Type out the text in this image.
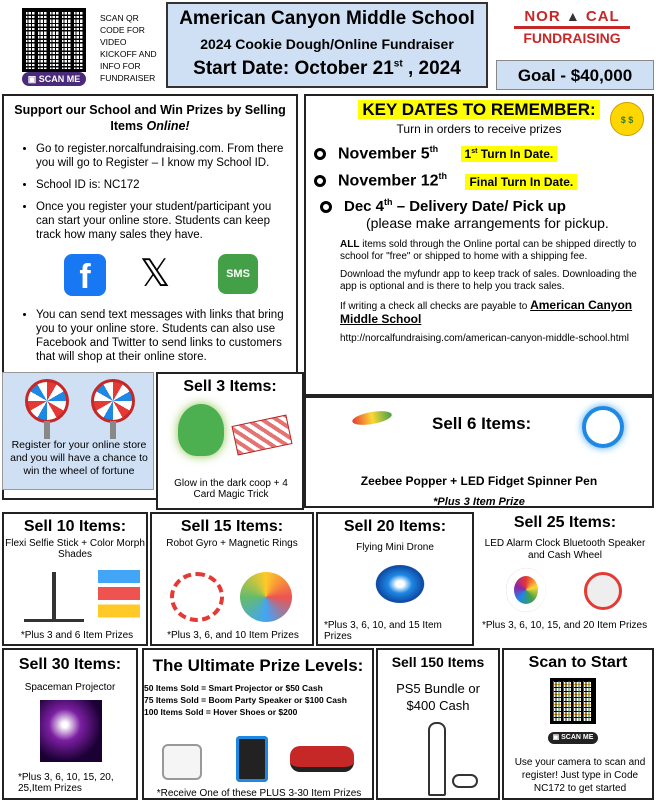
▣ SCAN ME
SCAN QR CODE FOR VIDEO KICKOFF AND INFO FOR FUNDRAISER
American Canyon Middle School
2024 Cookie Dough/Online Fundraiser
Start Date: October 21st , 2024
NOR ▲ CAL
FUNDRAISING
Goal - $40,000
Support our School and Win Prizes by Selling Items Online!
• Go to register.norcalfundraising.com. From there you will go to Register – I know my School ID.
• School ID is: NC172
• Once you register your student/participant you can start your online store. Students can keep track how many sales they have.
f	𝕏	SMS
• You can send text messages with links that bring you to your online store. Students can also use Facebook and Twitter to send links to customers that will shop at their online store.
KEY DATES TO REMEMBER:
$ $
Turn in orders to receive prizes
November 5th 1st Turn In Date.
November 12th Final Turn In Date.
Dec 4th – Delivery Date/ Pick up
(please make arrangements for pickup.

ALL items sold through the Online portal can be shipped directly to school for "free" or shipped to home with a shipping fee.

Download the myfundr app to keep track of sales. Downloading the app is optional and is there to help you track sales.

If writing a check all checks are payable to American Canyon Middle School

http://norcalfundraising.com/american-canyon-middle-school.html

Register for your online store and you will have a chance to win the wheel of fortune
Sell 3 Items:
Glow in the dark coop + 4 Card Magic Trick
Sell 6 Items:
Zeebee Popper + LED Fidget Spinner Pen
*Plus 3 Item Prize
Sell 10 Items:
Flexi Selfie Stick + Color Morph Shades
*Plus 3 and 6 Item Prizes
Sell 15 Items:
Robot Gyro + Magnetic Rings
*Plus 3, 6, and 10 Item Prizes
Sell 20 Items:
Flying Mini Drone
*Plus 3, 6, 10, and 15 Item Prizes
Sell 25 Items:
LED Alarm Clock Bluetooth Speaker and Cash Wheel
*Plus 3, 6, 10, 15, and 20 Item Prizes
Sell 30 Items:
Spaceman Projector
*Plus 3, 6, 10, 15, 20, 25,Item Prizes
The Ultimate Prize Levels:
50 Items Sold = Smart Projector or $50 Cash
75 Items Sold = Boom Party Speaker or $100 Cash
100 Items Sold = Hover Shoes or $200
*Receive One of these PLUS 3-30 Item Prizes
Sell 150 Items
PS5 Bundle or $400 Cash
Scan to Start
▣ SCAN ME
Use your camera to scan and register! Just type in Code NC172 to get started
